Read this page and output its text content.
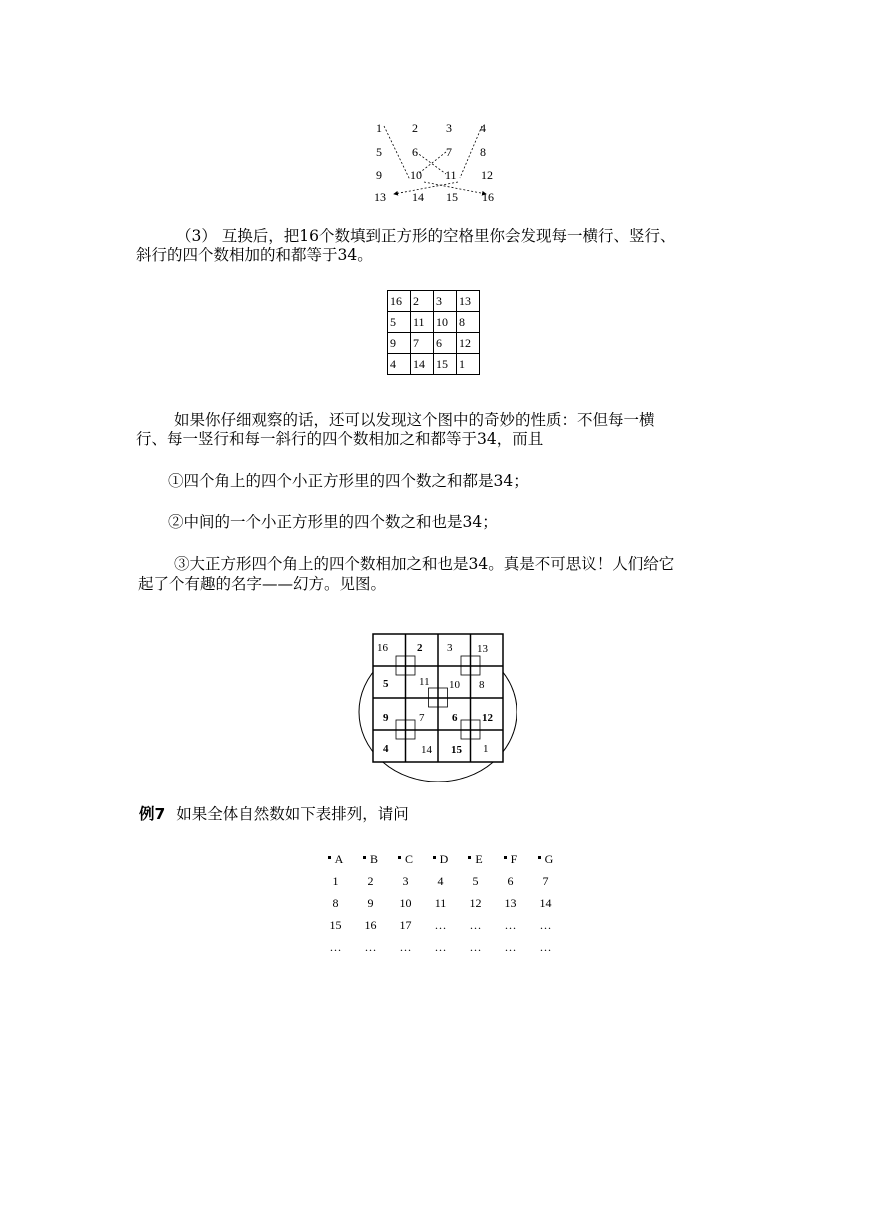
1	2 3 4
5	6 7 8
9 10 11 12
13 14 15 16
（3） 互换后，把16个数填到正方形的空格里你会发现每一横行、竖行、
斜行的四个数相加的和都等于34。
16	2	3	13
5	11	10	8
9	7	6	12
4	14	15	1
如果你仔细观察的话，还可以发现这个图中的奇妙的性质：不但每一横
行、每一竖行和每一斜行的四个数相加之和都等于34，而且
①四个角上的四个小正方形里的四个数之和都是34；
②中间的一个小正方形里的四个数之和也是34；
③大正方形四个角上的四个数相加之和也是34。真是不可思议！人们给它
起了个有趣的名字——幻方。见图。
16	2 3 13
5	11 10 8
9	7	6 12
4	14 15 1
例7 如果全体自然数如下表排列，请问
A	B	C	D	E	F	G
1	2	3	4	5	6	7
8	9	10	11	12	13	14
15	16	17	…	…	…	…
…	…	…	…	…	…	…
